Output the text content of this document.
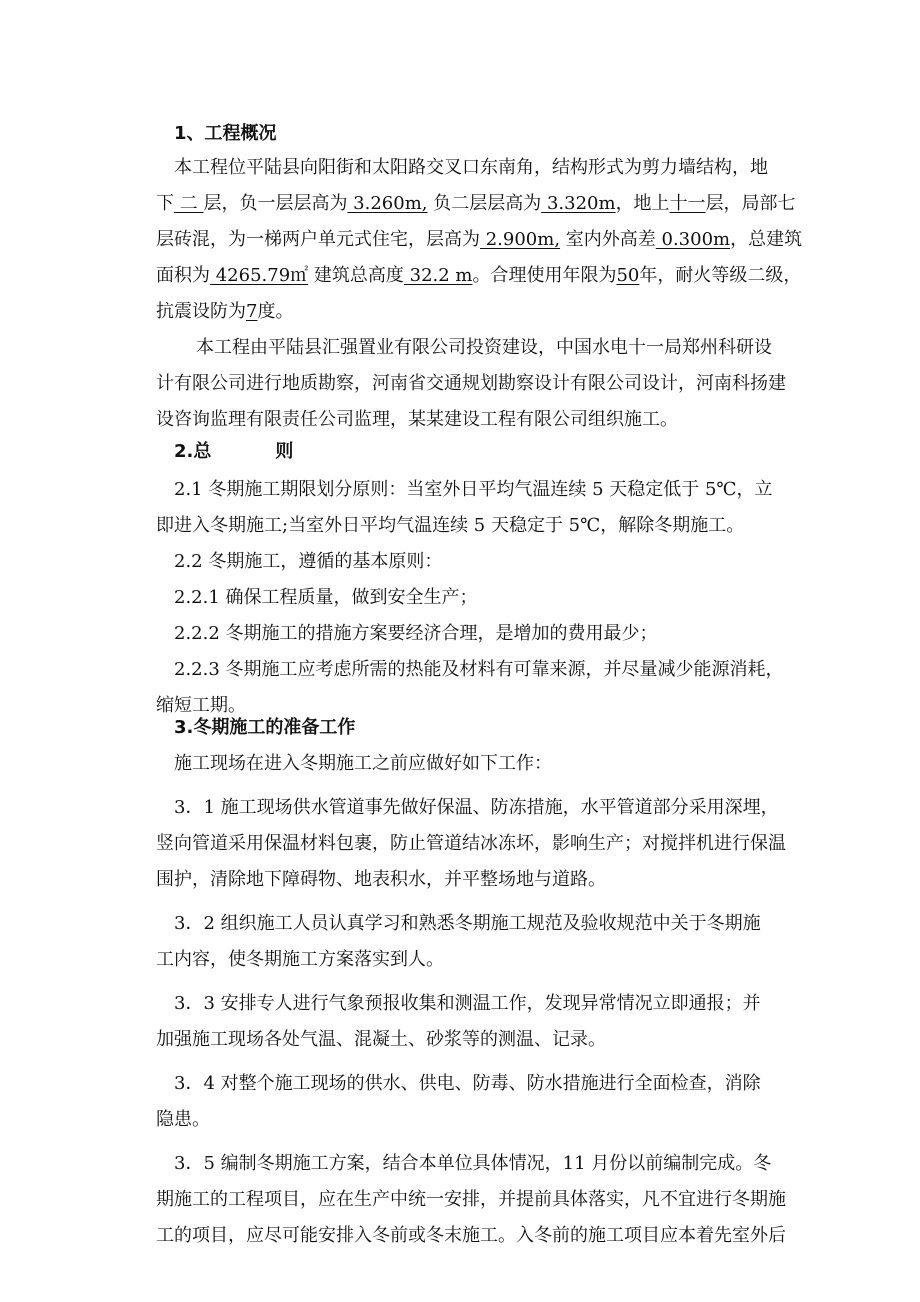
1、工程概况
本工程位平陆县向阳街和太阳路交叉口东南角，结构形式为剪力墙结构，地
下 二 层，负一层层高为 3.260m, 负二层层高为 3.320m，地上十一层，局部七
层砖混，为一梯两户单元式住宅，层高为 2.900m, 室内外高差 0.300m，总建筑
面积为 4265.79㎡ 建筑总高度 32.2 m。合理使用年限为50年，耐火等级二级，
抗震设防为7度。
本工程由平陆县汇强置业有限公司投资建设，中国水电十一局郑州科研设
计有限公司进行地质勘察，河南省交通规划勘察设计有限公司设计，河南科扬建
设咨询监理有限责任公司监理，某某建设工程有限公司组织施工。
2.总	则
2.1 冬期施工期限划分原则：当室外日平均气温连续 5 天稳定低于 5℃，立
即进入冬期施工;当室外日平均气温连续 5 天稳定于 5℃，解除冬期施工。
2.2 冬期施工，遵循的基本原则：
2.2.1 确保工程质量，做到安全生产；
2.2.2 冬期施工的措施方案要经济合理，是增加的费用最少；
2.2.3 冬期施工应考虑所需的热能及材料有可靠来源，并尽量减少能源消耗，
缩短工期。
3.冬期施工的准备工作
施工现场在进入冬期施工之前应做好如下工作：
3．1 施工现场供水管道事先做好保温、防冻措施，水平管道部分采用深埋，
竖向管道采用保温材料包裹，防止管道结冰冻坏，影响生产；对搅拌机进行保温
围护，清除地下障碍物、地表积水，并平整场地与道路。
3．2 组织施工人员认真学习和熟悉冬期施工规范及验收规范中关于冬期施
工内容，使冬期施工方案落实到人。
3．3 安排专人进行气象预报收集和测温工作，发现异常情况立即通报；并
加强施工现场各处气温、混凝土、砂浆等的测温、记录。
3．4 对整个施工现场的供水、供电、防毒、防水措施进行全面检查，消除
隐患。
3．5 编制冬期施工方案，结合本单位具体情况，11 月份以前编制完成。冬
期施工的工程项目，应在生产中统一安排，并提前具体落实，凡不宜进行冬期施
工的项目，应尽可能安排入冬前或冬末施工。入冬前的施工项目应本着先室外后
